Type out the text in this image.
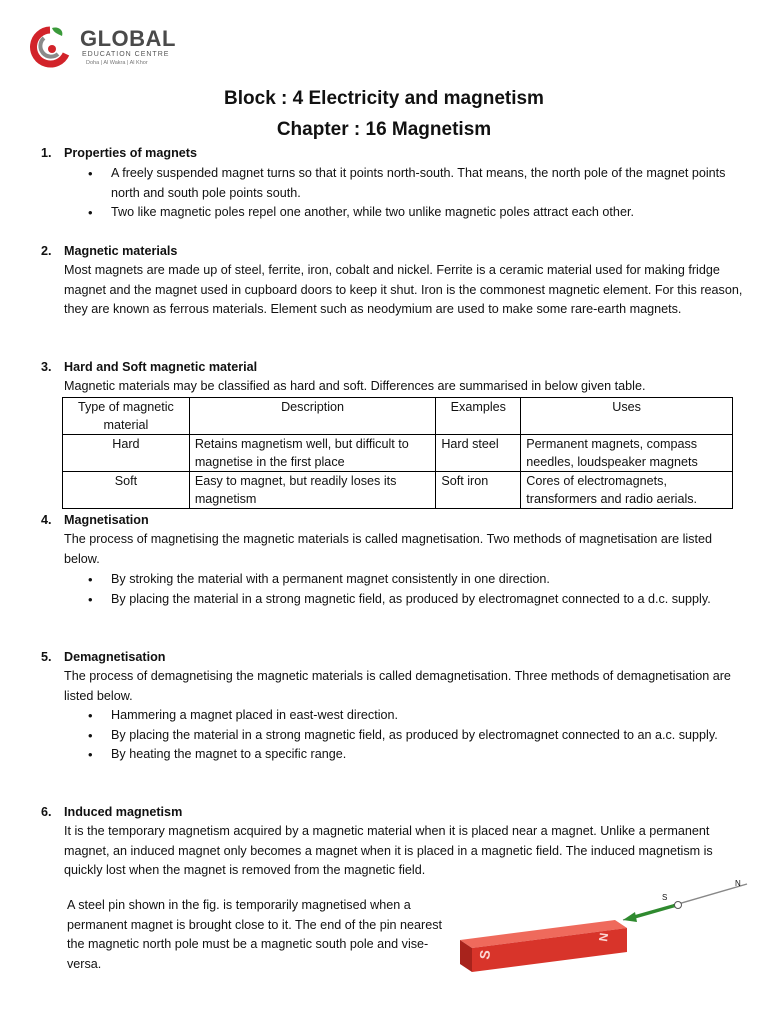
GLOBAL
EDUCATION CENTRE
Doha | Al Wakra | Al Khor
Block : 4 Electricity and magnetism
Chapter : 16 Magnetism
1. Properties of magnets
• A freely suspended magnet turns so that it points north-south. That means, the north pole of the magnet points north and south pole points south.
• Two like magnetic poles repel one another, while two unlike magnetic poles attract each other.
2. Magnetic materials
Most magnets are made up of steel, ferrite, iron, cobalt and nickel. Ferrite is a ceramic material used for making fridge magnet and the magnet used in cupboard doors to keep it shut. Iron is the commonest magnetic element. For this reason, they are known as ferrous materials. Element such as neodymium are used to make some rare-earth magnets.
3. Hard and Soft magnetic material
Magnetic materials may be classified as hard and soft. Differences are summarised in below given table.
Type of magnetic material	Description	Examples	Uses
Hard	Retains magnetism well, but difficult to magnetise in the first place	Hard steel	Permanent magnets, compass needles, loudspeaker magnets
Soft	Easy to magnet, but readily loses its magnetism	Soft iron	Cores of electromagnets, transformers and radio aerials.
4. Magnetisation
The process of magnetising the magnetic materials is called magnetisation. Two methods of magnetisation are listed below.
• By stroking the material with a permanent magnet consistently in one direction.
• By placing the material in a strong magnetic field, as produced by electromagnet connected to a d.c. supply.
5. Demagnetisation
The process of demagnetising the magnetic materials is called demagnetisation. Three methods of demagnetisation are listed below.
• Hammering a magnet placed in east-west direction.
• By placing the material in a strong magnetic field, as produced by electromagnet connected to an a.c. supply.
• By heating the magnet to a specific range.
6. Induced magnetism
It is the temporary magnetism acquired by a magnetic material when it is placed near a magnet. Unlike a permanent magnet, an induced magnet only becomes a magnet when it is placed in a magnetic field. The induced magnetism is quickly lost when the magnet is removed from the magnetic field.
A steel pin shown in the fig. is temporarily magnetised when a permanent magnet is brought close to it. The end of the pin nearest the magnetic north pole must be a magnetic south pole and vise-versa.
S
N
S
N
